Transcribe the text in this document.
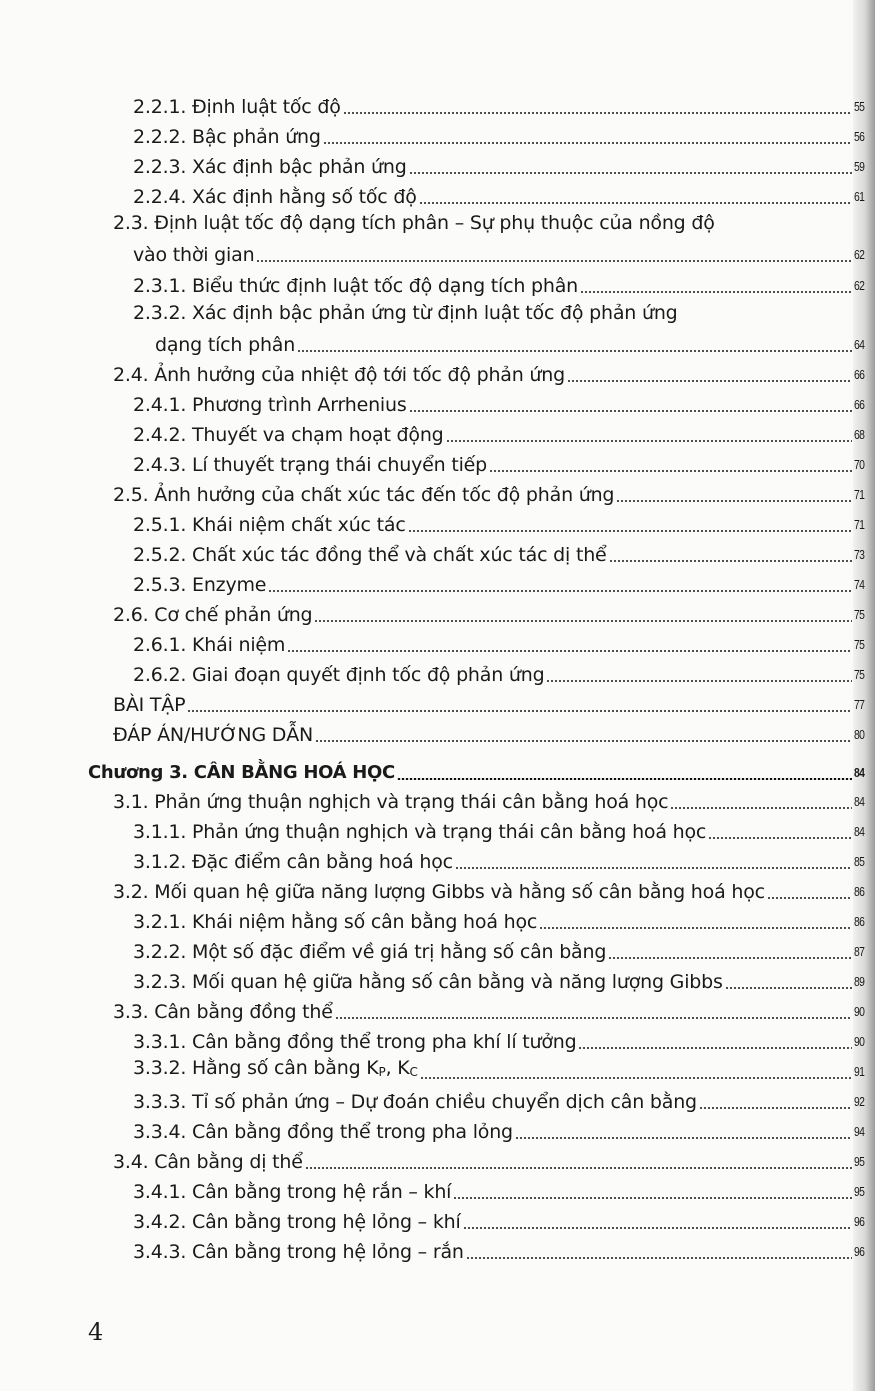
2.2.1. Định luật tốc độ	55
2.2.2. Bậc phản ứng	56
2.2.3. Xác định bậc phản ứng	59
2.2.4. Xác định hằng số tốc độ	61
2.3. Định luật tốc độ dạng tích phân – Sự phụ thuộc của nồng độ
vào thời gian	62
2.3.1. Biểu thức định luật tốc độ dạng tích phân	62
2.3.2. Xác định bậc phản ứng từ định luật tốc độ phản ứng
dạng tích phân	64
2.4. Ảnh hưởng của nhiệt độ tới tốc độ phản ứng	66
2.4.1. Phương trình Arrhenius	66
2.4.2. Thuyết va chạm hoạt động	68
2.4.3. Lí thuyết trạng thái chuyển tiếp	70
2.5. Ảnh hưởng của chất xúc tác đến tốc độ phản ứng	71
2.5.1. Khái niệm chất xúc tác	71
2.5.2. Chất xúc tác đồng thể và chất xúc tác dị thể	73
2.5.3. Enzyme	74
2.6. Cơ chế phản ứng	75
2.6.1. Khái niệm	75
2.6.2. Giai đoạn quyết định tốc độ phản ứng	75
BÀI TẬP	77
ĐÁP ÁN/HƯỚNG DẪN	80
Chương 3. CÂN BẰNG HOÁ HỌC	84
3.1. Phản ứng thuận nghịch và trạng thái cân bằng hoá học	84
3.1.1. Phản ứng thuận nghịch và trạng thái cân bằng hoá học	84
3.1.2. Đặc điểm cân bằng hoá học	85
3.2. Mối quan hệ giữa năng lượng Gibbs và hằng số cân bằng hoá học	86
3.2.1. Khái niệm hằng số cân bằng hoá học	86
3.2.2. Một số đặc điểm về giá trị hằng số cân bằng	87
3.2.3. Mối quan hệ giữa hằng số cân bằng và năng lượng Gibbs	89
3.3. Cân bằng đồng thể	90
3.3.1. Cân bằng đồng thể trong pha khí lí tưởng	90
3.3.2. Hằng số cân bằng $K_P$, $K_C$	91
3.3.3. Tỉ số phản ứng – Dự đoán chiều chuyển dịch cân bằng	92
3.3.4. Cân bằng đồng thể trong pha lỏng	94
3.4. Cân bằng dị thể	95
3.4.1. Cân bằng trong hệ rắn – khí	95
3.4.2. Cân bằng trong hệ lỏng – khí	96
3.4.3. Cân bằng trong hệ lỏng – rắn	96
4
